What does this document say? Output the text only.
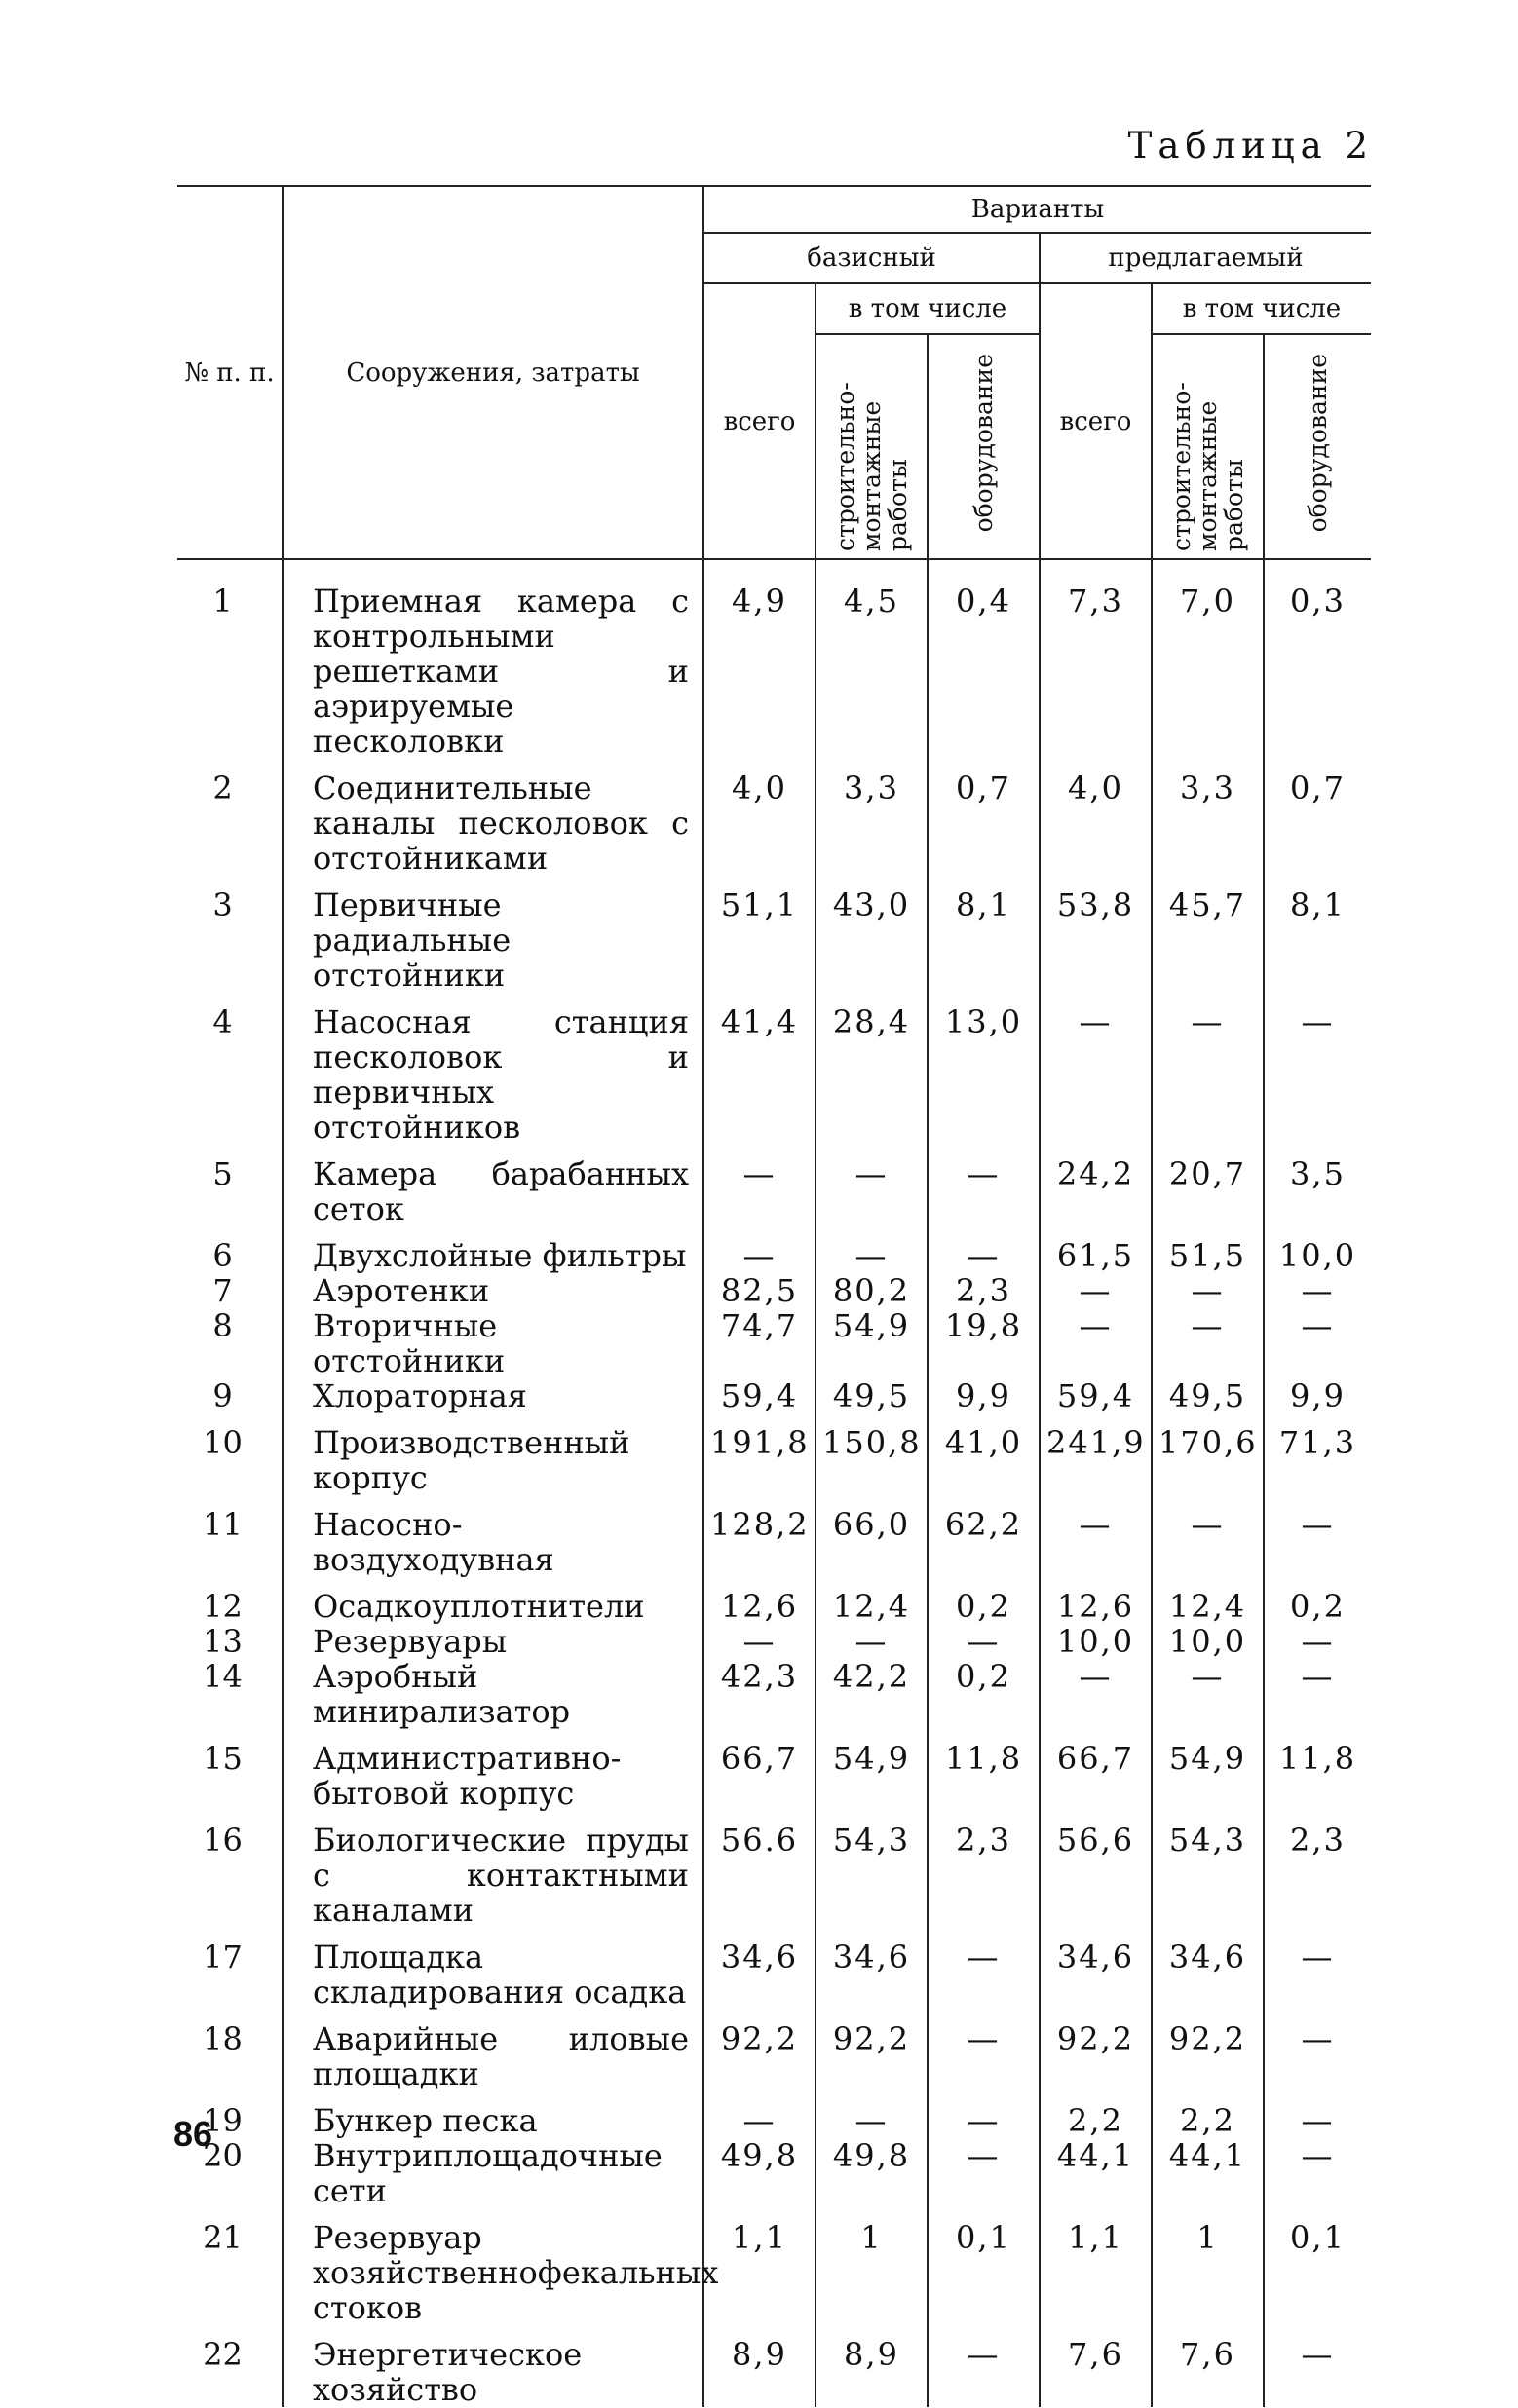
Таблица 2
№ п. п.	Сооружения, затраты	Варианты					
		базисный			предлагаемый		
		всего	в том числе		всего	в том числе	
			строительно-монтажные работы	оборудование		строительно-монтажные работы	оборудование
1	Приемная камера с контрольными решетками и аэрируемые песколовки	4,9	4,5	0,4	7,3	7,0	0,3
2	Соединительные каналы песколовок с отстойниками	4,0	3,3	0,7	4,0	3,3	0,7
3	Первичные радиальные отстойники	51,1	43,0	8,1	53,8	45,7	8,1
4	Насосная станция песколовок и первичных отстойников	41,4	28,4	13,0	—	—	—
5	Камера барабанных сеток	—	—	—	24,2	20,7	3,5
6	Двухслойные фильтры	—	—	—	61,5	51,5	10,0
7	Аэротенки	82,5	80,2	2,3	—	—	—
8	Вторичные отстойники	74,7	54,9	19,8	—	—	—
9	Хлораторная	59,4	49,5	9,9	59,4	49,5	9,9
10	Производственный корпус	191,8	150,8	41,0	241,9	170,6	71,3
11	Насосно-воздуходувная	128,2	66,0	62,2	—	—	—
12	Осадкоуплотнители	12,6	12,4	0,2	12,6	12,4	0,2
13	Резервуары	—	—	—	10,0	10,0	—
14	Аэробный минирализатор	42,3	42,2	0,2	—	—	—
15	Административно-бытовой корпус	66,7	54,9	11,8	66,7	54,9	11,8
16	Биологические пруды с контактными каналами	56.6	54,3	2,3	56,6	54,3	2,3
17	Площадка складирования осадка	34,6	34,6	—	34,6	34,6	—
18	Аварийные иловые площадки	92,2	92,2	—	92,2	92,2	—
19	Бункер песка	—	—	—	2,2	2,2	—
20	Внутриплощадочные сети	49,8	49,8	—	44,1	44,1	—
21	Резервуар хозяйственнофекальных стоков	1,1	1	0,1	1,1	1	0,1
22	Энергетическое хозяйство	8,9	8,9	—	7,6	7,6	—
86
